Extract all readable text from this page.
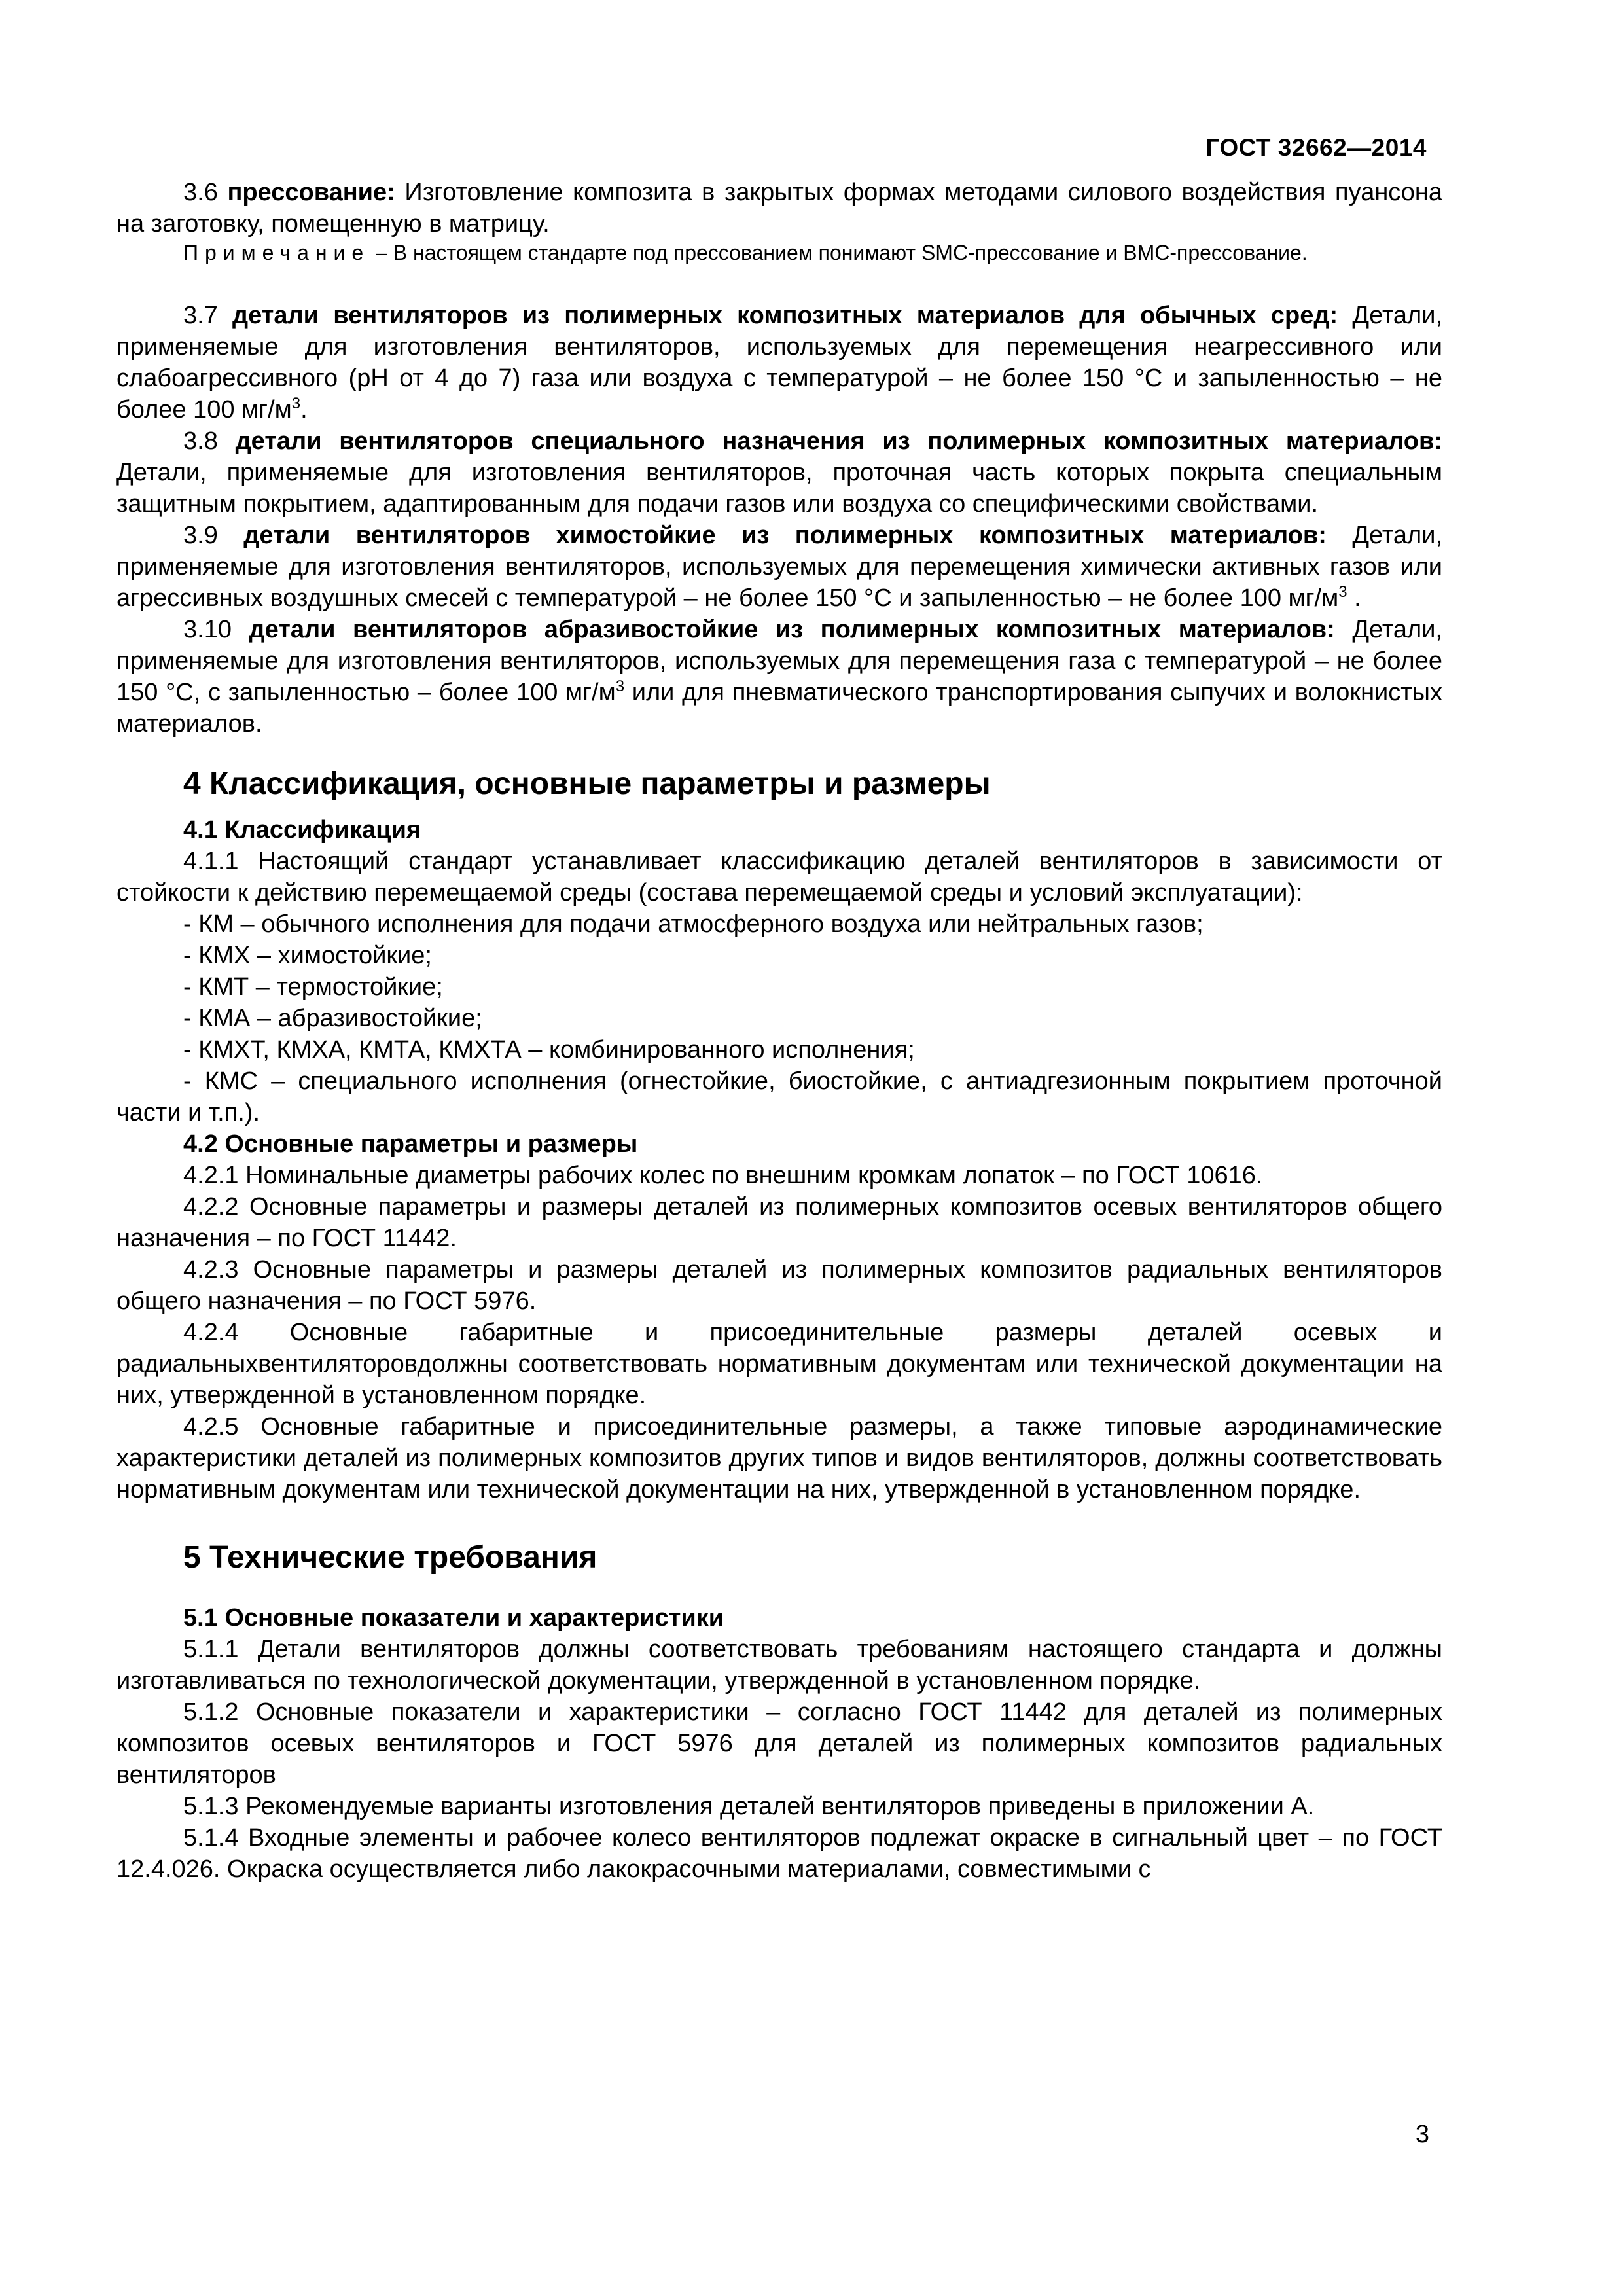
ГОСТ 32662—2014

3.6 прессование: Изготовление композита в закрытых формах методами силового воздействия пуансона на заготовку, помещенную в матрицу.

Примечание – В настоящем стандарте под прессованием понимают SMC-прессование и BMC-прессование.

3.7 детали вентиляторов из полимерных композитных материалов для обычных сред: Детали, применяемые для изготовления вентиляторов, используемых для перемещения неагрессивного или слабоагрессивного (рН от 4 до 7) газа или воздуха с температурой – не более 150 °С и запыленностью – не более 100 $мг/м^3$.

3.8 детали вентиляторов специального назначения из полимерных композитных материалов: Детали, применяемые для изготовления вентиляторов, проточная часть которых покрыта специальным защитным покрытием, адаптированным для подачи газов или воздуха со специфическими свойствами.

3.9 детали вентиляторов химостойкие из полимерных композитных материалов: Детали, применяемые для изготовления вентиляторов, используемых для перемещения химически активных газов или агрессивных воздушных смесей с температурой – не более 150 °С и запыленностью – не более 100 $мг/м^3$ .

3.10 детали вентиляторов абразивостойкие из полимерных композитных материалов: Детали, применяемые для изготовления вентиляторов, используемых для перемещения газа с температурой – не более 150 °С, с запыленностью – более 100 $мг/м^3$ или для пневматического транспортирования сыпучих и волокнистых материалов.

4 Классификация, основные параметры и размеры
4.1 Классификация

4.1.1 Настоящий стандарт устанавливает классификацию деталей вентиляторов в зависимости от стойкости к действию перемещаемой среды (состава перемещаемой среды и условий эксплуатации):

- КМ – обычного исполнения для подачи атмосферного воздуха или нейтральных газов;

- КМХ – химостойкие;

- КМТ – термостойкие;

- КМА – абразивостойкие;

- КМХТ, КМХА, КМТА, КМХТА – комбинированного исполнения;

- КМС – специального исполнения (огнестойкие, биостойкие, с антиадгезионным покрытием проточной части и т.п.).

4.2 Основные параметры и размеры

4.2.1 Номинальные диаметры рабочих колес по внешним кромкам лопаток – по ГОСТ 10616.

4.2.2 Основные параметры и размеры деталей из полимерных композитов осевых вентиляторов общего назначения – по ГОСТ 11442.

4.2.3 Основные параметры и размеры деталей из полимерных композитов радиальных вентиляторов общего назначения – по ГОСТ 5976.

4.2.4 Основные габаритные и присоединительные размеры деталей осевых и радиальныхвентиляторовдолжны соответствовать нормативным документам или технической документации на них, утвержденной в установленном порядке.

4.2.5 Основные габаритные и присоединительные размеры, а также типовые аэродинамические характеристики деталей из полимерных композитов других типов и видов вентиляторов, должны соответствовать нормативным документам или технической документации на них, утвержденной в установленном порядке.

5 Технические требования
5.1 Основные показатели и характеристики

5.1.1 Детали вентиляторов должны соответствовать требованиям настоящего стандарта и должны изготавливаться по технологической документации, утвержденной в установленном порядке.

5.1.2 Основные показатели и характеристики – согласно ГОСТ 11442 для деталей из полимерных композитов осевых вентиляторов и ГОСТ 5976 для деталей из полимерных композитов радиальных вентиляторов

5.1.3 Рекомендуемые варианты изготовления деталей вентиляторов приведены в приложении А.

5.1.4 Входные элементы и рабочее колесо вентиляторов подлежат окраске в сигнальный цвет – по ГОСТ 12.4.026. Окраска осуществляется либо лакокрасочными материалами, совместимыми с

3
